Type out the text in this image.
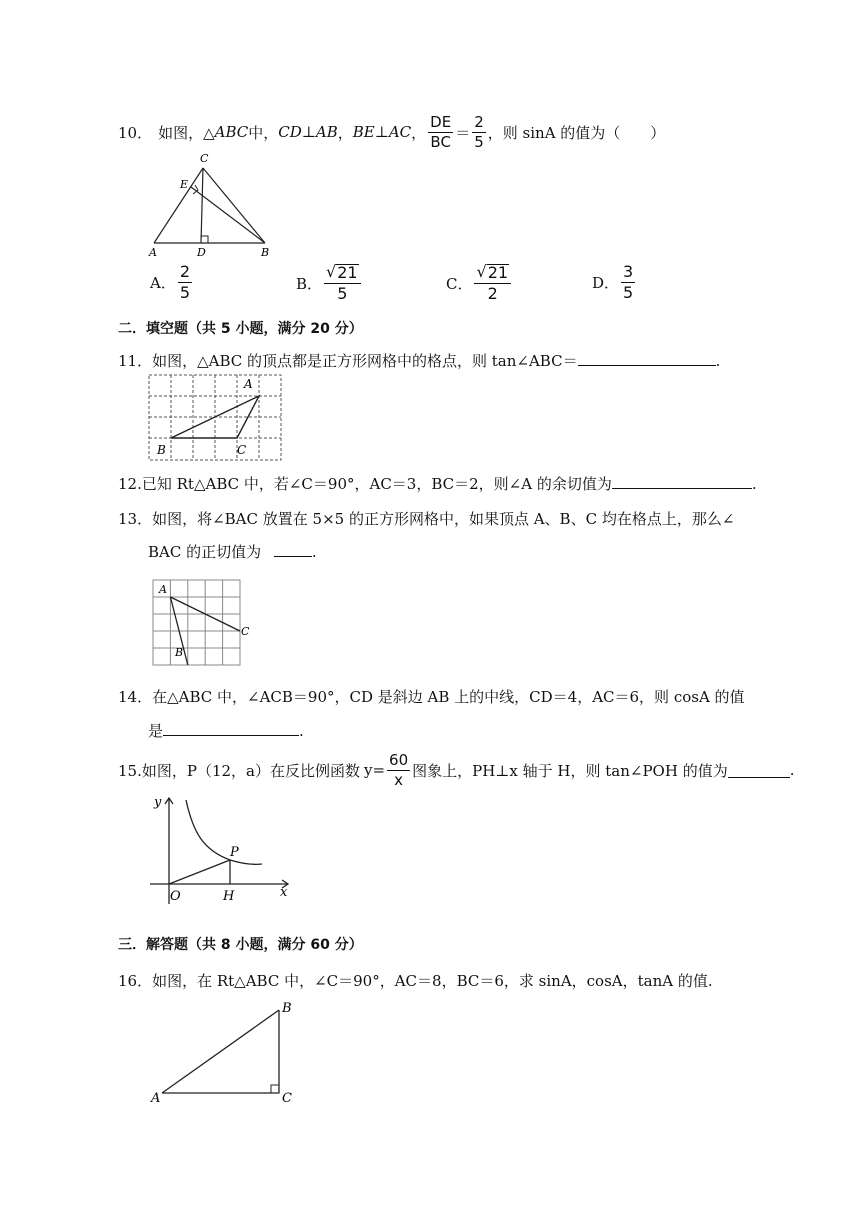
10． 如图，△ ABC 中， CD⊥AB ， BE⊥AC ， $\frac{DE}{BC} = \frac{2}{5}$ ，则 sinA 的值为（　　）
C
E
A	D	B
A． $\frac{2}{5}$	B． $\frac{√ 21}{5}$	C． $\frac{√ 21}{2}$	D． $\frac{3}{5}$
二．填空题（共 5 小题，满分 20 分）
11．如图，△ABC 的顶点都是正方形网格中的格点，则 tan∠ABC＝	.
A
B	C
12.已知 Rt△ABC 中，若∠C＝90°，AC＝3，BC＝2，则∠A 的余切值为	.
13．如图，将∠BAC 放置在 5×5 的正方形网格中，如果顶点 A、B、C 均在格点上，那么∠
BAC 的正切值为	.
A
C
B
14．在△ABC 中，∠ACB＝90°，CD 是斜边 AB 上的中线，CD＝4，AC＝6，则 cosA 的值
是	.
15.如图，P（12，a）在反比例函数 $y= \frac{60}{x}$ 图象上，PH⊥x 轴于 H，则 tan∠POH 的值为	.
y
P
O	H	x
三．解答题（共 8 小题，满分 60 分）
16．如图，在 Rt△ABC 中，∠C＝90°，AC＝8，BC＝6，求 sinA，cosA，tanA 的值.
B
A	C
